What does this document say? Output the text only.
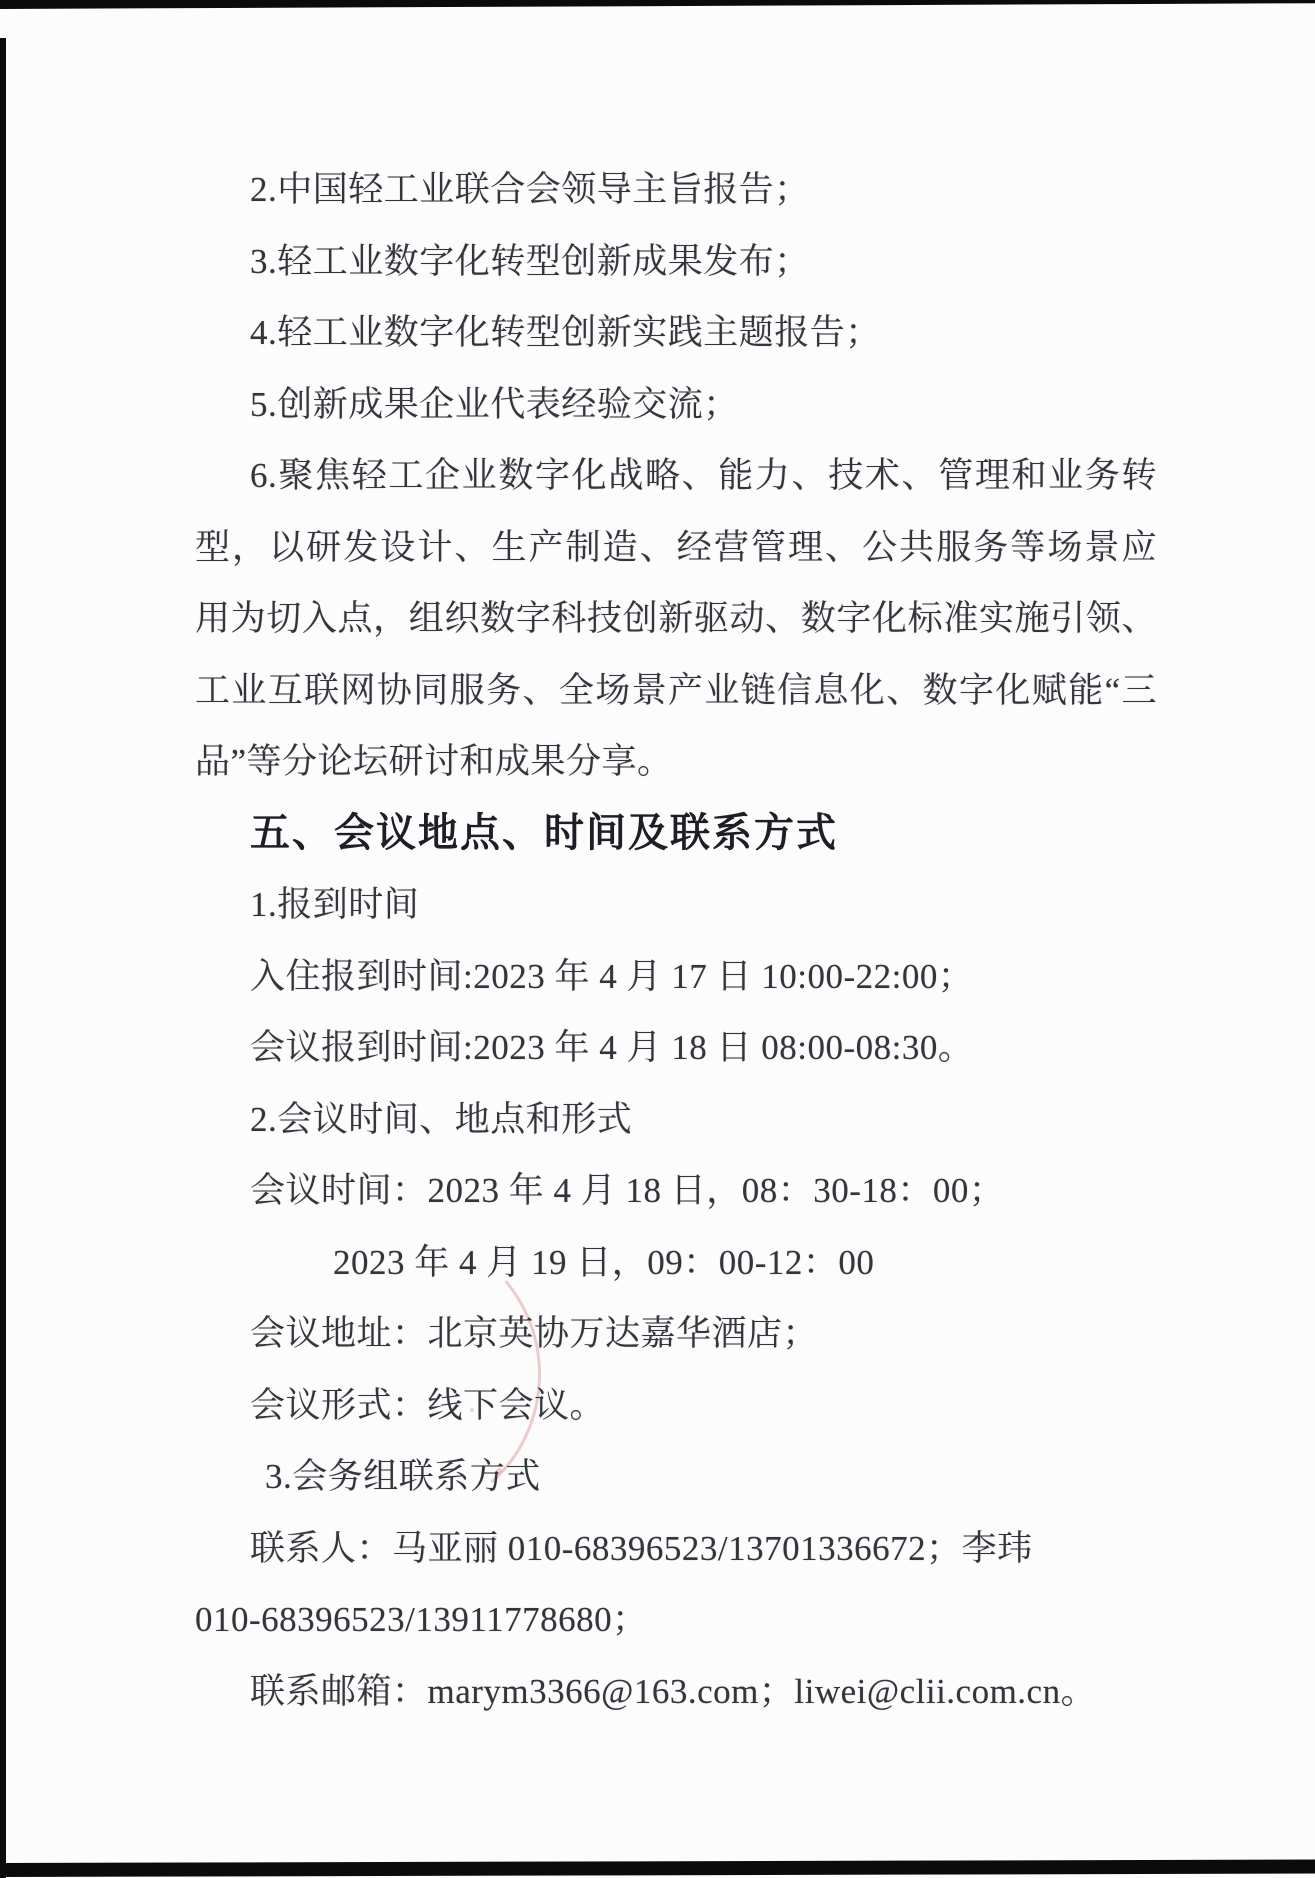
2.中国轻工业联合会领导主旨报告；
3.轻工业数字化转型创新成果发布；
4.轻工业数字化转型创新实践主题报告；
5.创新成果企业代表经验交流；
6.聚焦轻工企业数字化战略、能力、技术、管理和业务转
型，以研发设计、生产制造、经营管理、公共服务等场景应
用为切入点，组织数字科技创新驱动、数字化标准实施引领、
工业互联网协同服务、全场景产业链信息化、数字化赋能“三
品”等分论坛研讨和成果分享。
五、会议地点、时间及联系方式
1.报到时间
入住报到时间:2023 年 4 月 17 日 10:00-22:00；
会议报到时间:2023 年 4 月 18 日 08:00-08:30。
2.会议时间、地点和形式
会议时间：2023 年 4 月 18 日，08：30-18：00；
2023 年 4 月 19 日，09：00-12：00
会议地址：北京英协万达嘉华酒店；
会议形式：线下会议。
3.会务组联系方式
联系人：马亚丽 010-68396523/13701336672；李玮
010-68396523/13911778680；
联系邮箱：marym3366@163.com；liwei@clii.com.cn。
